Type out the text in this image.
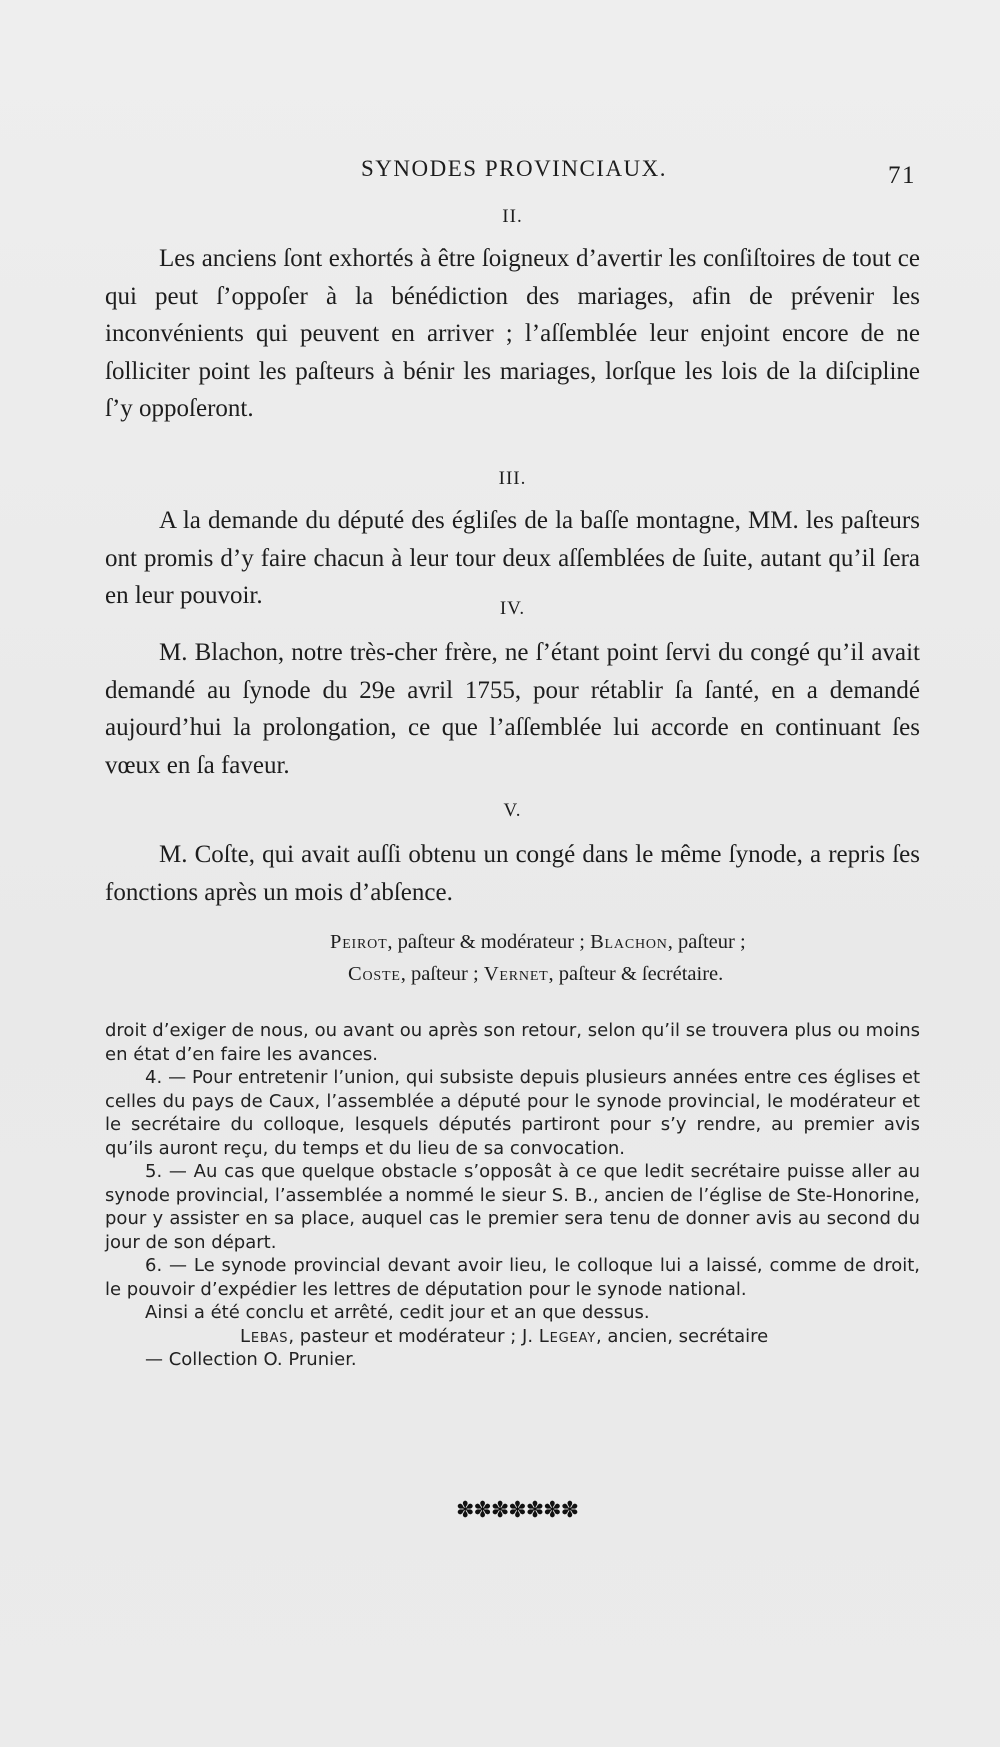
SYNODES PROVINCIAUX.	71

II.

Les anciens ſont exhortés à être ſoigneux d’avertir les conſiſtoires de tout ce qui peut ſ’oppoſer à la bénédiction des mariages, afin de prévenir les inconvénients qui peuvent en arriver ; l’aſſemblée leur enjoint encore de ne ſolliciter point les paſteurs à bénir les mariages, lorſque les lois de la diſcipline ſ’y oppoſeront.

III.

A la demande du député des égliſes de la baſſe montagne, MM. les paſteurs ont promis d’y faire chacun à leur tour deux aſſemblées de ſuite, autant qu’il ſera en leur pouvoir.	IV.

M. Blachon, notre très-cher frère, ne ſ’étant point ſervi du congé qu’il avait demandé au ſynode du 29e avril 1755, pour rétablir ſa ſanté, en a demandé aujourd’hui la prolongation, ce que l’aſſemblée lui accorde en continuant ſes vœux en ſa faveur.

V.

M. Coſte, qui avait auſſi obtenu un congé dans le même ſynode, a repris ſes fonctions après un mois d’abſence.

Peirot, paſteur & modérateur ; Blachon, paſteur ;
Coste, paſteur ; Vernet, paſteur & ſecrétaire.

droit d’exiger de nous, ou avant ou après son retour, selon qu’il se trouvera plus ou moins en état d’en faire les avances.

4. — Pour entretenir l’union, qui subsiste depuis plusieurs années entre ces églises et celles du pays de Caux, l’assemblée a député pour le synode provincial, le modérateur et le secrétaire du colloque, lesquels députés partiront pour s’y rendre, au premier avis qu’ils auront reçu, du temps et du lieu de sa convocation.

5. — Au cas que quelque obstacle s’opposât à ce que ledit secrétaire puisse aller au synode provincial, l’assemblée a nommé le sieur S. B., ancien de l’église de Ste-Honorine, pour y assister en sa place, auquel cas le premier sera tenu de donner avis au second du jour de son départ.

6. — Le synode provincial devant avoir lieu, le colloque lui a laissé, comme de droit, le pouvoir d’expédier les lettres de députation pour le synode national.

Ainsi a été conclu et arrêté, cedit jour et an que dessus.

Lebas, pasteur et modérateur ; J. Legeay, ancien, secrétaire

— Collection O. Prunier.

✽✽✽✽✽✽✽
